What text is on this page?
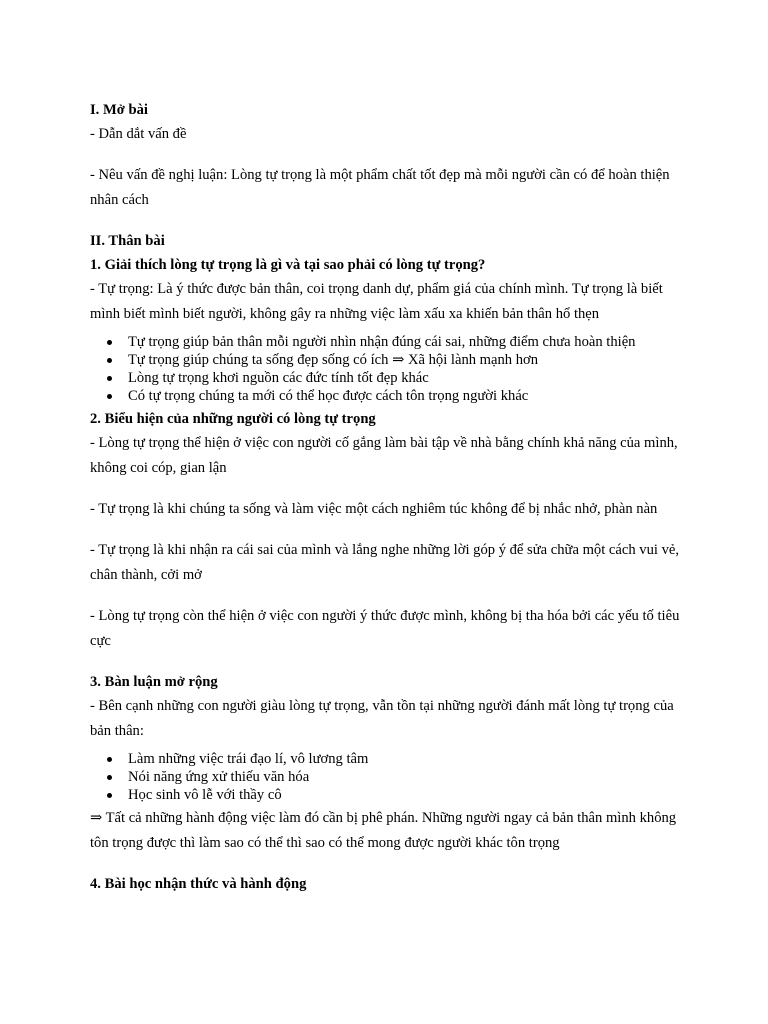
I. Mở bài

- Dẫn dắt vấn đề

- Nêu vấn đề nghị luận: Lòng tự trọng là một phẩm chất tốt đẹp mà mỗi người cần có để hoàn thiện nhân cách

II. Thân bài

1. Giải thích lòng tự trọng là gì và tại sao phải có lòng tự trọng?

- Tự trọng: Là ý thức được bản thân, coi trọng danh dự, phẩm giá của chính mình. Tự trọng là biết mình biết mình biết người, không gây ra những việc làm xấu xa khiến bản thân hổ thẹn

Tự trọng giúp bản thân mỗi người nhìn nhận đúng cái sai, những điểm chưa hoàn thiện
Tự trọng giúp chúng ta sống đẹp sống có ích ⇒ Xã hội lành mạnh hơn
Lòng tự trọng khơi nguồn các đức tính tốt đẹp khác
Có tự trọng chúng ta mới có thể học được cách tôn trọng người khác

2. Biểu hiện của những người có lòng tự trọng

- Lòng tự trọng thể hiện ở việc con người cố gắng làm bài tập về nhà bằng chính khả năng của mình, không coi cóp, gian lận

- Tự trọng là khi chúng ta sống và làm việc một cách nghiêm túc không để bị nhắc nhở, phàn nàn

- Tự trọng là khi nhận ra cái sai của mình và lắng nghe những lời góp ý để sửa chữa một cách vui vẻ, chân thành, cởi mở

- Lòng tự trọng còn thể hiện ở việc con người ý thức được mình, không bị tha hóa bởi các yếu tố tiêu cực

3. Bàn luận mở rộng

- Bên cạnh những con người giàu lòng tự trọng, vẫn tồn tại những người đánh mất lòng tự trọng của bản thân:

Làm những việc trái đạo lí, vô lương tâm
Nói năng ứng xử thiếu văn hóa
Học sinh vô lễ với thầy cô

⇒ Tất cả những hành động việc làm đó cần bị phê phán. Những người ngay cả bản thân mình không tôn trọng được thì làm sao có thể thì sao có thể mong được người khác tôn trọng

4. Bài học nhận thức và hành động
